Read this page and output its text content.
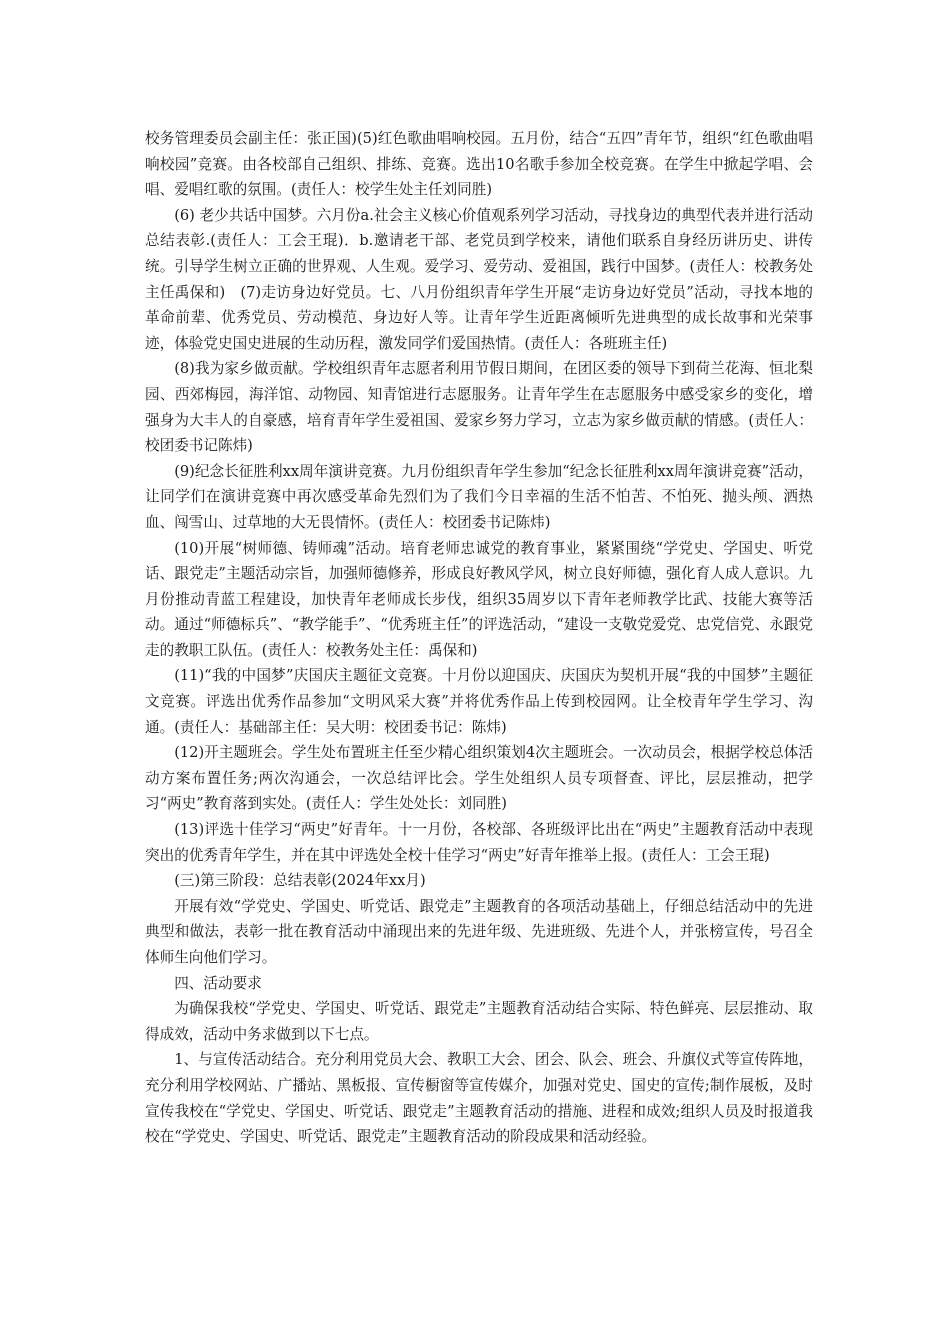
校务管理委员会副主任：张正国)(5)红色歌曲唱响校园。五月份，结合“五四”青年节，组织“红色歌曲唱响校园”竞赛。由各校部自己组织、排练、竞赛。选出10名歌手参加全校竞赛。在学生中掀起学唱、会唱、爱唱红歌的氛围。(责任人：校学生处主任刘同胜)

(6) 老少共话中国梦。六月份a.社会主义核心价值观系列学习活动，寻找身边的典型代表并进行活动总结表彰.(责任人：工会王琨)．b.邀请老干部、老党员到学校来，请他们联系自身经历讲历史、讲传统。引导学生树立正确的世界观、人生观。爱学习、爱劳动、爱祖国，践行中国梦。(责任人：校教务处主任禹保和)　(7)走访身边好党员。七、八月份组织青年学生开展“走访身边好党员”活动，寻找本地的革命前辈、优秀党员、劳动模范、身边好人等。让青年学生近距离倾听先进典型的成长故事和光荣事迹，体验党史国史进展的生动历程，激发同学们爱国热情。(责任人：各班班主任)

(8)我为家乡做贡献。学校组织青年志愿者利用节假日期间，在团区委的领导下到荷兰花海、恒北梨园、西郊梅园，海洋馆、动物园、知青馆进行志愿服务。让青年学生在志愿服务中感受家乡的变化，增强身为大丰人的自豪感，培育青年学生爱祖国、爱家乡努力学习，立志为家乡做贡献的情感。(责任人：校团委书记陈炜)

(9)纪念长征胜利xx周年演讲竞赛。九月份组织青年学生参加“纪念长征胜利xx周年演讲竞赛”活动，让同学们在演讲竞赛中再次感受革命先烈们为了我们今日幸福的生活不怕苦、不怕死、抛头颅、洒热血、闯雪山、过草地的大无畏情怀。(责任人：校团委书记陈炜)

(10)开展“树师德、铸师魂”活动。培育老师忠诚党的教育事业，紧紧围绕“学党史、学国史、听党话、跟党走”主题活动宗旨，加强师德修养，形成良好教风学风，树立良好师德，强化育人成人意识。九月份推动青蓝工程建设，加快青年老师成长步伐，组织35周岁以下青年老师教学比武、技能大赛等活动。通过“师德标兵”、“教学能手”、“优秀班主任”的评选活动，“建设一支敬党爱党、忠党信党、永跟党走的教职工队伍。(责任人：校教务处主任：禹保和)

(11)“我的中国梦”庆国庆主题征文竞赛。十月份以迎国庆、庆国庆为契机开展“我的中国梦”主题征文竞赛。评选出优秀作品参加“文明风采大赛”并将优秀作品上传到校园网。让全校青年学生学习、沟通。(责任人：基础部主任：吴大明：校团委书记：陈炜)

(12)开主题班会。学生处布置班主任至少精心组织策划4次主题班会。一次动员会，根据学校总体活动方案布置任务;两次沟通会，一次总结评比会。学生处组织人员专项督查、评比，层层推动，把学习“两史”教育落到实处。(责任人：学生处处长：刘同胜)

(13)评选十佳学习“两史”好青年。十一月份，各校部、各班级评比出在“两史”主题教育活动中表现突出的优秀青年学生，并在其中评选处全校十佳学习“两史”好青年推举上报。(责任人：工会王琨)

(三)第三阶段：总结表彰(2024年xx月)

开展有效“学党史、学国史、听党话、跟党走”主题教育的各项活动基础上，仔细总结活动中的先进典型和做法，表彰一批在教育活动中涌现出来的先进年级、先进班级、先进个人，并张榜宣传，号召全体师生向他们学习。

四、活动要求

为确保我校“学党史、学国史、听党话、跟党走”主题教育活动结合实际、特色鲜亮、层层推动、取得成效，活动中务求做到以下七点。

1、与宣传活动结合。充分利用党员大会、教职工大会、团会、队会、班会、升旗仪式等宣传阵地，充分利用学校网站、广播站、黑板报、宣传橱窗等宣传媒介，加强对党史、国史的宣传;制作展板，及时宣传我校在“学党史、学国史、听党话、跟党走”主题教育活动的措施、进程和成效;组织人员及时报道我校在“学党史、学国史、听党话、跟党走”主题教育活动的阶段成果和活动经验。
